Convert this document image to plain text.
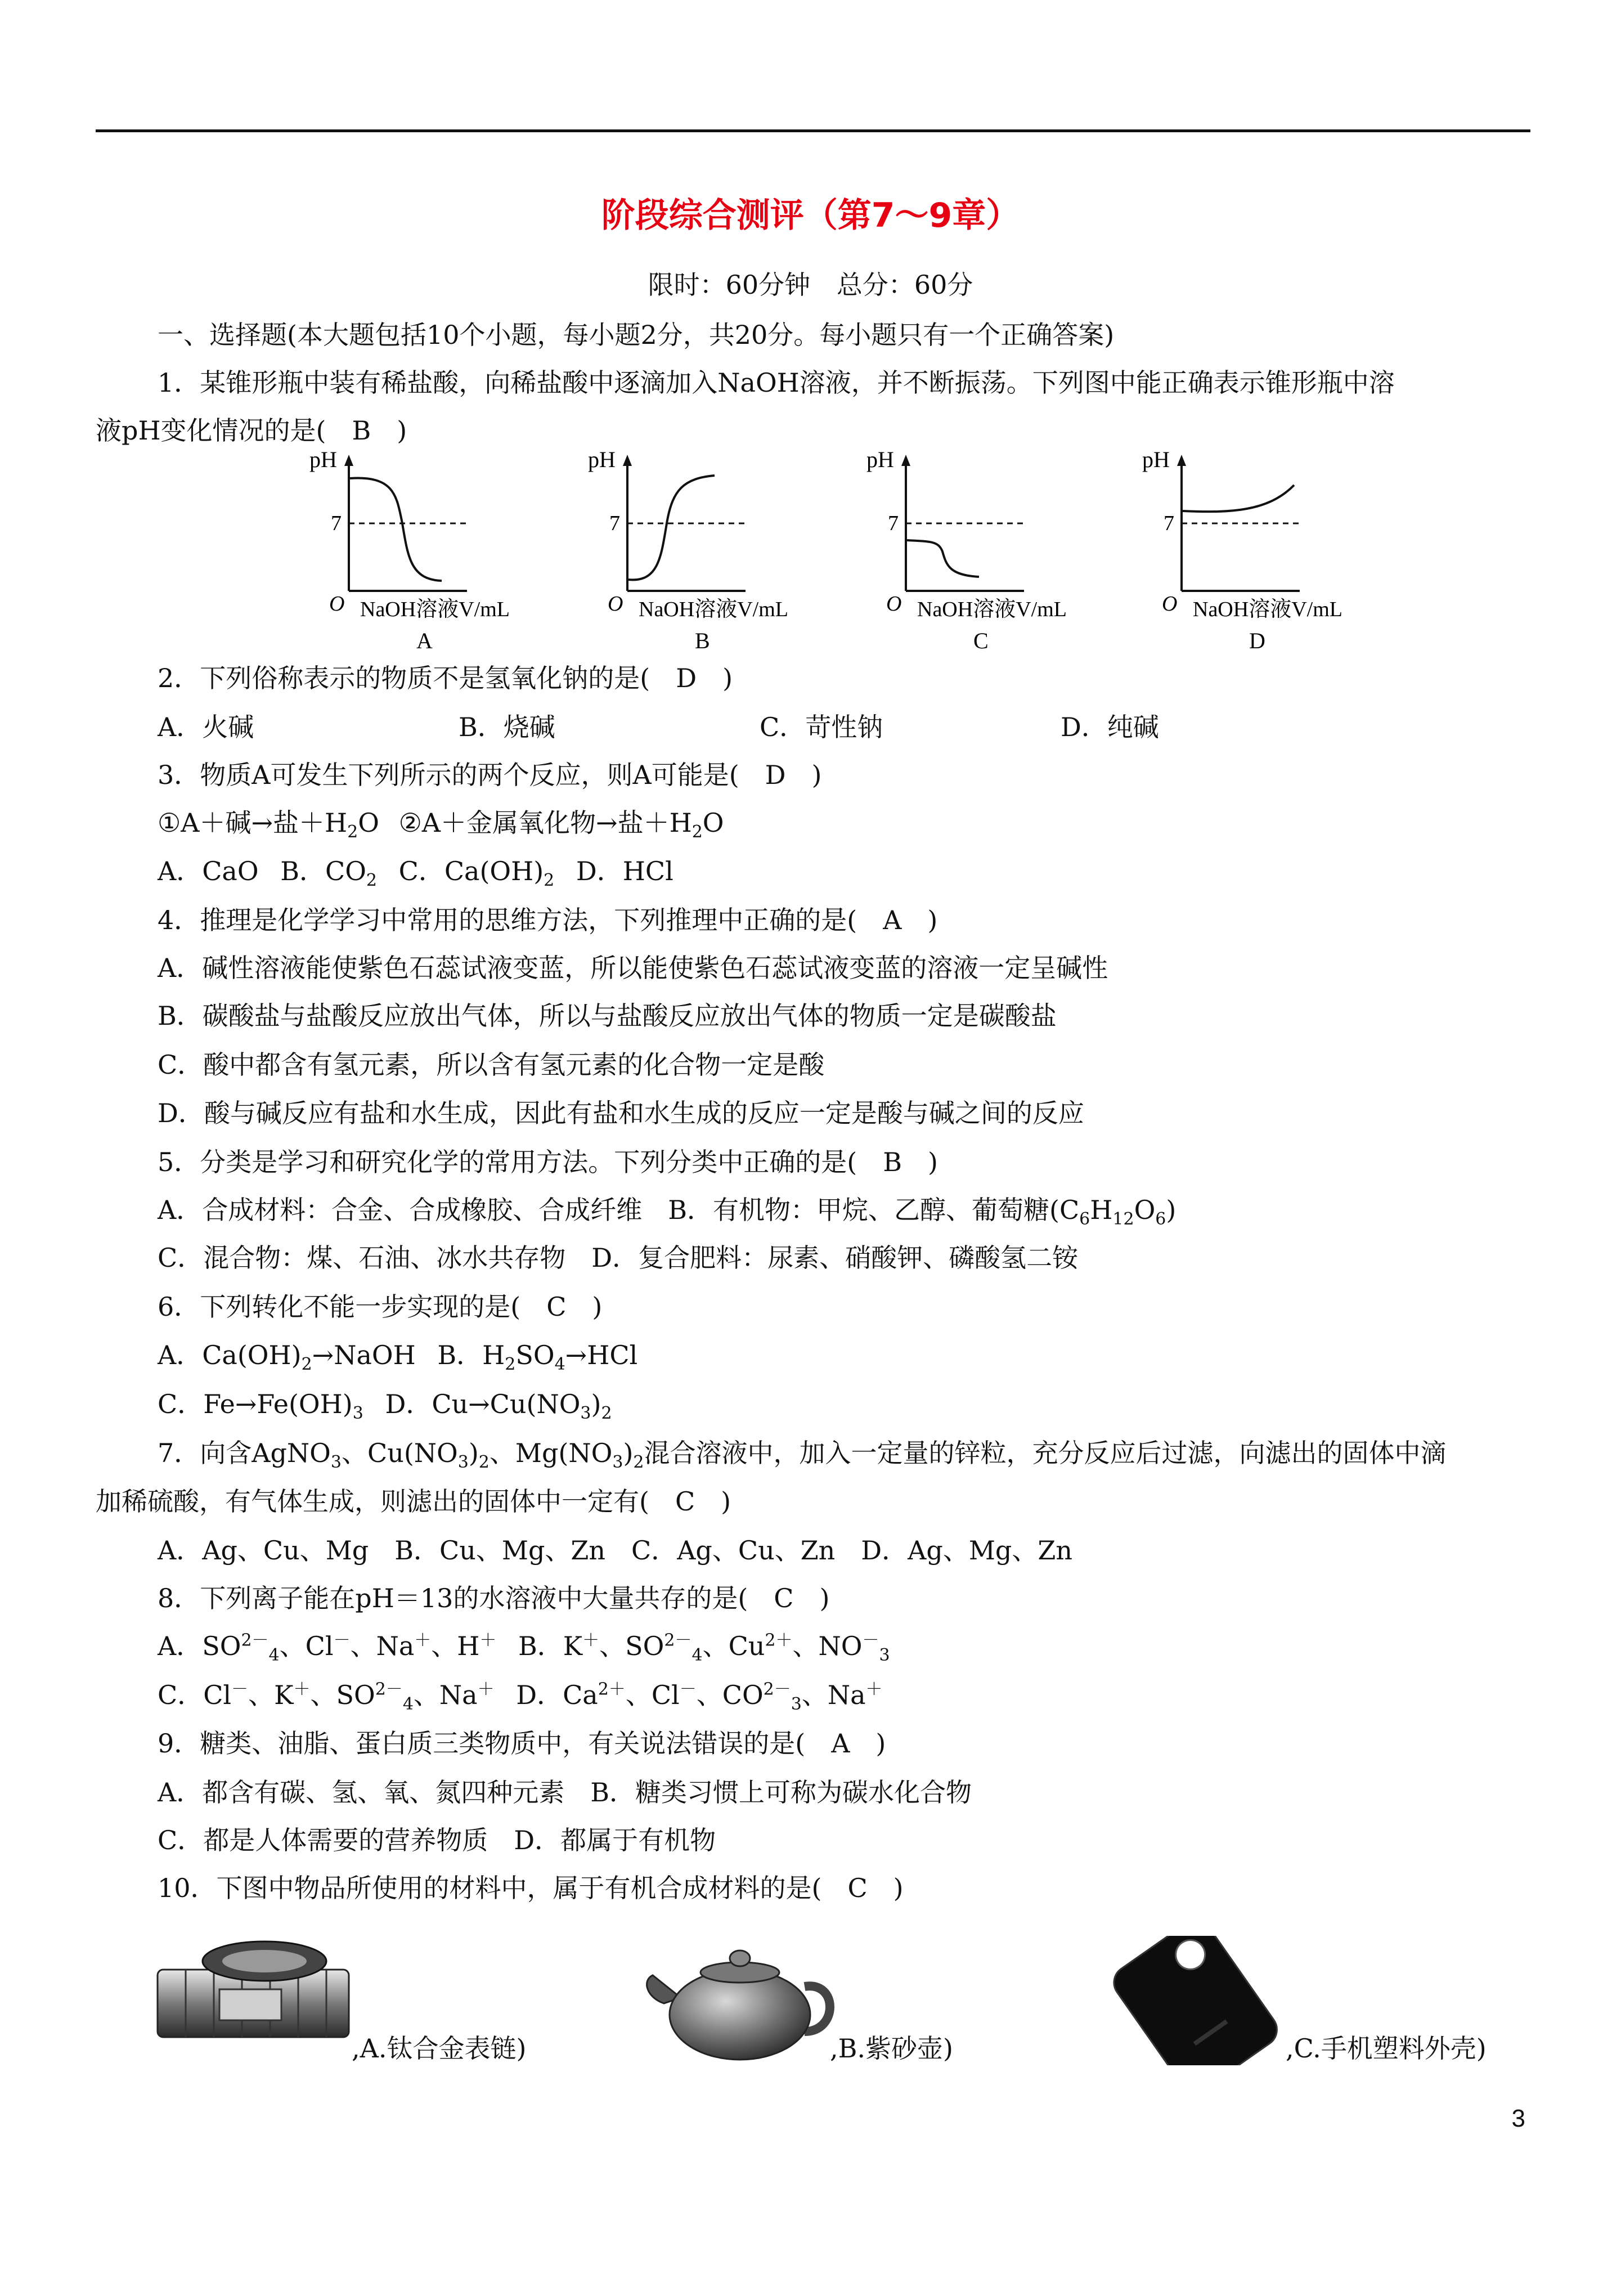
阶段综合测评（第7～9章）
限时：60分钟 总分：60分
一、选择题(本大题包括10个小题，每小题2分，共20分。每小题只有一个正确答案)
1．某锥形瓶中装有稀盐酸，向稀盐酸中逐滴加入NaOH溶液，并不断振荡。下列图中能正确表示锥形瓶中溶
液pH变化情况的是(　B　)
pH
7
O NaOH溶液V/mL
A
pH
7
O NaOH溶液V/mL
B
pH
7
O NaOH溶液V/mL
C
pH
7
O NaOH溶液V/mL
D
2．下列俗称表示的物质不是氢氧化钠的是(　D　)
A．火碱	B．烧碱	C．苛性钠	D．纯碱
3．物质A可发生下列所示的两个反应，则A可能是(　D　)
①A＋碱→盐$+H_2O$ ②A＋金属氧化物→盐$+H_2O$
A．CaO B．$CO_2$ C．$Ca(OH)_2$ D．HCl
4．推理是化学学习中常用的思维方法，下列推理中正确的是(　A　)
A．碱性溶液能使紫色石蕊试液变蓝，所以能使紫色石蕊试液变蓝的溶液一定呈碱性
B．碳酸盐与盐酸反应放出气体，所以与盐酸反应放出气体的物质一定是碳酸盐
C．酸中都含有氢元素，所以含有氢元素的化合物一定是酸
D．酸与碱反应有盐和水生成，因此有盐和水生成的反应一定是酸与碱之间的反应
5．分类是学习和研究化学的常用方法。下列分类中正确的是(　B　)
A．合成材料：合金、合成橡胶、合成纤维　B．有机物：甲烷、乙醇、葡萄糖$(C_6H_{12}O_6)$
C．混合物：煤、石油、冰水共存物　D．复合肥料：尿素、硝酸钾、磷酸氢二铵
6．下列转化不能一步实现的是(　C　)
A．$Ca(OH)_2\to NaOH$ B．$H_2SO_4\to HCl$
C．$Fe\to Fe(OH)_3$ D．$Cu\to Cu(NO_3)_2$
7．向含AgNO$_3$、$Cu(NO_3)_2$、$Mg(NO_3)_2$混合溶液中，加入一定量的锌粒，充分反应后过滤，向滤出的固体中滴
加稀硫酸，有气体生成，则滤出的固体中一定有(　C　)
A．Ag、Cu、Mg　B．Cu、Mg、Zn　C．Ag、Cu、Zn　D．Ag、Mg、Zn
8．下列离子能在pH＝13的水溶液中大量共存的是(　C　)
A．$SO^{2-}_4$、Cl－、Na＋、H＋ B．K＋、$SO^{2-}_4$、$Cu^{2+}$、$NO^-_3$
C．Cl－、K＋、$SO^{2-}_4$、Na＋ D．$Ca^{2+}$、Cl－、$CO^{2-}_3$、Na＋
9．糖类、油脂、蛋白质三类物质中，有关说法错误的是(　A　)
A．都含有碳、氢、氧、氮四种元素　B．糖类习惯上可称为碳水化合物
C．都是人体需要的营养物质　D．都属于有机物
10．下图中物品所使用的材料中，属于有机合成材料的是(　C　)
,A.钛合金表链)	,B.紫砂壶)	,C.手机塑料外壳)
3
